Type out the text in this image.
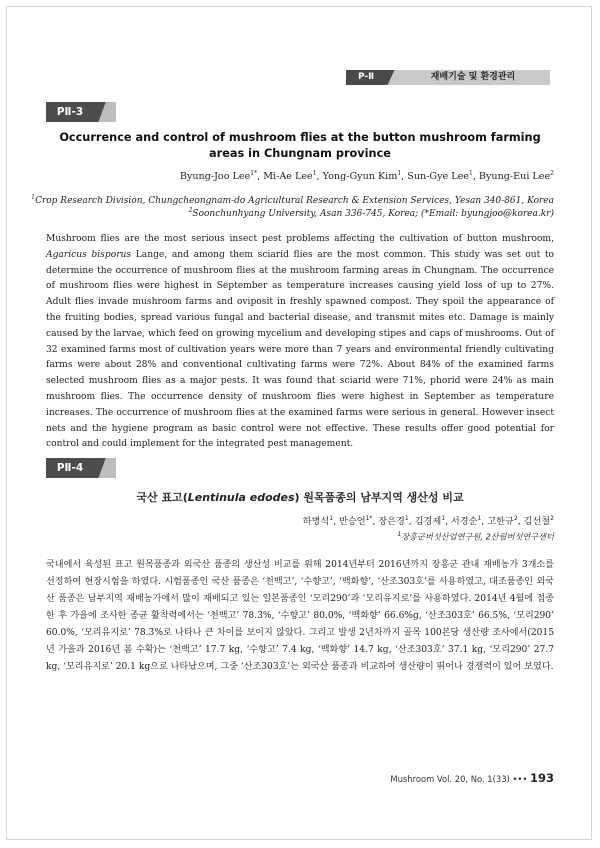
P-Ⅱ	재배기술 및 환경관리
PⅡ-3
Occurrence and control of mushroom flies at the button mushroom farming areas in Chungnam province
Byung-Joo Lee$^{1*}$, Mi-Ae Lee$^1$, Yong-Gyun Kim$^1$, Sun-Gye Lee$^1$, Byung-Eui Lee$^2$
$^1$Crop Research Division, Chungcheongnam-do Agricultural Research & Extension Services, Yesan 340-861, Korea
$^2$Soonchunhyang University, Asan 336-745, Korea; (*Email: byungjoo@korea.kr)
Mushroom flies are the most serious insect pest problems affecting the cultivation of button mushroom, Agaricus bisporus Lange, and among them sciarid flies are the most common. This study was set out to determine the occurrence of mushroom flies at the mushroom farming areas in Chungnam. The occurrence of mushroom flies were highest in September as temperature increases causing yield loss of up to 27%. Adult flies invade mushroom farms and oviposit in freshly spawned compost. They spoil the appearance of the fruiting bodies, spread various fungal and bacterial disease, and transmit mites etc. Damage is mainly caused by the larvae, which feed on growing mycelium and developing stipes and caps of mushrooms. Out of 32 examined farms most of cultivation years were more than 7 years and environmental friendly cultivating farms were about 28% and conventional cultivating farms were 72%. About 84% of the examined farms selected mushroom flies as a major pests. It was found that sciarid were 71%, phorid were 24% as main mushroom flies. The occurrence density of mushroom flies were highest in September as temperature increases. The occurrence of mushroom flies at the examined farms were serious in general. However insect nets and the hygiene program as basic control were not effective. These results offer good potential for control and could implement for the integrated pest management.
PⅡ-4
국산 표고(Lentinula edodes) 원목품종의 남부지역 생산성 비교
하병석$^1$, 반승언$^{1*}$, 장은경$^1$, 김경제$^1$, 서경순$^1$, 고한규$^2$, 김선철$^2$
$^1$장흥군버섯산업연구원, 2산림버섯연구센터
국내에서 육성된 표고 원목품종과 외국산 품종의 생산성 비교를 위해 2014년부터 2016년까지 장흥군 관내 재배농가 3개소를 선정하여 현장시험을 하였다. 시험품종인 국산 품종은 ‘천백고’, ‘수향고’, ‘백화향’, ‘산조303호’를 사용하였고, 대조품종인 외국산 품종은 남부지역 재배농가에서 많이 재배되고 있는 일본품종인 ‘모리290’과 ‘모리유지로’를 사용하였다. 2014년 4월에 접종한 후 가을에 조사한 종균 활착력에서는 ‘천백고’ 78.3%, ‘수향고’ 80.0%, ‘백화향’ 66.6%g, ‘산조303호’ 66.5%, ‘모리290’ 60.0%, ‘모리유지로’ 78.3%로 나타나 큰 차이를 보이지 않았다. 그리고 발생 2년차까지 골목 100본당 생산량 조사에서(2015년 가을과 2016년 봄 수확)는 ‘천백고’ 17.7 kg, ‘수향고’ 7.4 kg, ‘백화향’ 14.7 kg, ‘산조303호’ 37.1 kg, ‘모리290’ 27.7 kg, ‘모리유지로’ 20.1 kg으로 나타났으며, 그중 ‘산조303호’는 외국산 품종과 비교하여 생산량이 뛰어나 경쟁력이 있어 보였다.
Mushroom Vol. 20, No. 1(33) ••• 193
